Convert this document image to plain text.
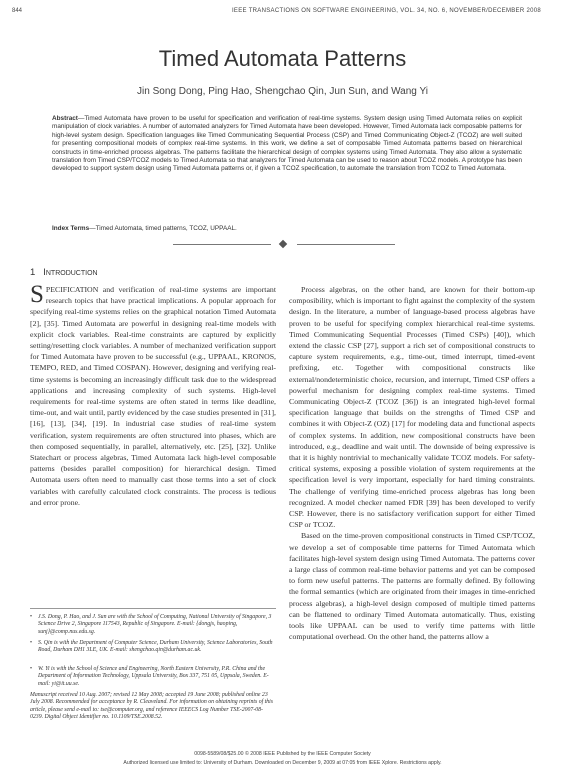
844	IEEE TRANSACTIONS ON SOFTWARE ENGINEERING, VOL. 34, NO. 6, NOVEMBER/DECEMBER 2008
Timed Automata Patterns
Jin Song Dong, Ping Hao, Shengchao Qin, Jun Sun, and Wang Yi
Abstract—Timed Automata have proven to be useful for specification and verification of real-time systems. System design using Timed Automata relies on explicit manipulation of clock variables. A number of automated analyzers for Timed Automata have been developed. However, Timed Automata lack composable patterns for high-level system design. Specification languages like Timed Communicating Sequential Process (CSP) and Timed Communicating Object-Z (TCOZ) are well suited for presenting compositional models of complex real-time systems. In this work, we define a set of composable Timed Automata patterns based on hierarchical constructs in time-enriched process algebras. The patterns facilitate the hierarchical design of complex systems using Timed Automata. They also allow a systematic translation from Timed CSP/TCOZ models to Timed Automata so that analyzers for Timed Automata can be used to reason about TCOZ models. A prototype has been developed to support system design using Timed Automata patterns or, if given a TCOZ specification, to automate the translation from TCOZ to Timed Automata.
Index Terms—Timed Automata, timed patterns, TCOZ, UPPAAL.
1 Introduction

SPECIFICATION and verification of real-time systems are important research topics that have practical implications. A popular approach for specifying real-time systems relies on the graphical notation Timed Automata [2], [35]. Timed Automata are powerful in designing real-time models with explicit clock variables. Real-time constraints are captured by explicitly setting/resetting clock variables. A number of mechanized verification support for Timed Automata have proven to be successful (e.g., UPPAAL, KRONOS, TEMPO, RED, and Timed COSPAN). However, designing and verifying real-time systems is becoming an increasingly difficult task due to the widespread applications and increasing complexity of such systems. High-level requirements for real-time systems are often stated in terms like deadline, time-out, and wait until, partly evidenced by the case studies presented in [31], [16], [13], [34], [19]. In industrial case studies of real-time system verification, system requirements are often structured into phases, which are then composed sequentially, in parallel, alternatively, etc. [25], [32]. Unlike Statechart or process algebras, Timed Automata lack high-level composable patterns (besides parallel composition) for hierarchical design. Timed Automata users often need to manually cast those terms into a set of clock variables with carefully calculated clock constraints. The process is tedious and error prone.

Process algebras, on the other hand, are known for their bottom-up composibility, which is important to fight against the complexity of the system design. In the literature, a number of language-based process algebras have proven to be useful for specifying complex hierarchical real-time systems. Timed Communicating Sequential Processes (Timed CSPs) [40]), which extend the classic CSP [27], support a rich set of compositional constructs to capture system requirements, e.g., time-out, timed interrupt, timed-event prefixing, etc. Together with compositional constructs like external/nondeterministic choice, recursion, and interrupt, Timed CSP offers a powerful mechanism for designing complex real-time systems. Timed Communicating Object-Z (TCOZ [36]) is an integrated high-level formal specification language that builds on the strengths of Timed CSP and combines it with Object-Z (OZ) [17] for modeling data and functional aspects of complex systems. In addition, new compositional constructs have been introduced, e.g., deadline and wait until. The downside of being expressive is that it is highly nontrivial to mechanically validate TCOZ models. For safety-critical systems, exposing a possible violation of system requirements at the specification level is very important, especially for hard timing constraints. The challenge of verifying time-enriched process algebras has long been recognized. A model checker named FDR [39] has been developed to verify CSP. However, there is no satisfactory verification support for either Timed CSP or TCOZ.

Based on the time-proven compositional constructs in Timed CSP/TCOZ, we develop a set of composable time patterns for Timed Automata which facilitates high-level system design using Timed Automata. The patterns cover a large class of common real-time behavior patterns and yet can be composed to form new useful patterns. The patterns are formally defined. By following the formal semantics (which are originated from their images in time-enriched process algebras), a high-level design composed of multiple timed patterns can be flattened to ordinary Timed Automata automatically. Thus, existing tools like UPPAAL can be used to verify time patterns with little computational overhead. On the other hand, the patterns allow a

• J.S. Dong, P. Hao, and J. Sun are with the School of Computing, National University of Singapore, 3 Science Drive 2, Singapore 117543, Republic of Singapore. E-mail: {dongjs, haoping, sunj}@comp.nus.edu.sg.
• S. Qin is with the Department of Computer Science, Durham University, Science Laboratories, South Road, Durham DH1 3LE, UK. E-mail: shengchao.qin@durham.ac.uk.
• W. Yi is with the School of Science and Engineering, North Eastern University, P.R. China and the Department of Information Technology, Uppsala University, Box 337, 751 05, Uppsala, Sweden. E-mail: yi@it.uu.se.
Manuscript received 10 Aug. 2007; revised 12 May 2008; accepted 19 June 2008; published online 23 July 2008. Recommended for acceptance by R. Cleaveland. For information on obtaining reprints of this article, please send e-mail to: tse@computer.org, and reference IEEECS Log Number TSE-2007-08-0239. Digital Object Identifier no. 10.1109/TSE.2008.52.
0098-5589/08/$25.00 © 2008 IEEE Published by the IEEE Computer Society
Authorized licensed use limited to: University of Durham. Downloaded on December 9, 2009 at 07:05 from IEEE Xplore. Restrictions apply.
